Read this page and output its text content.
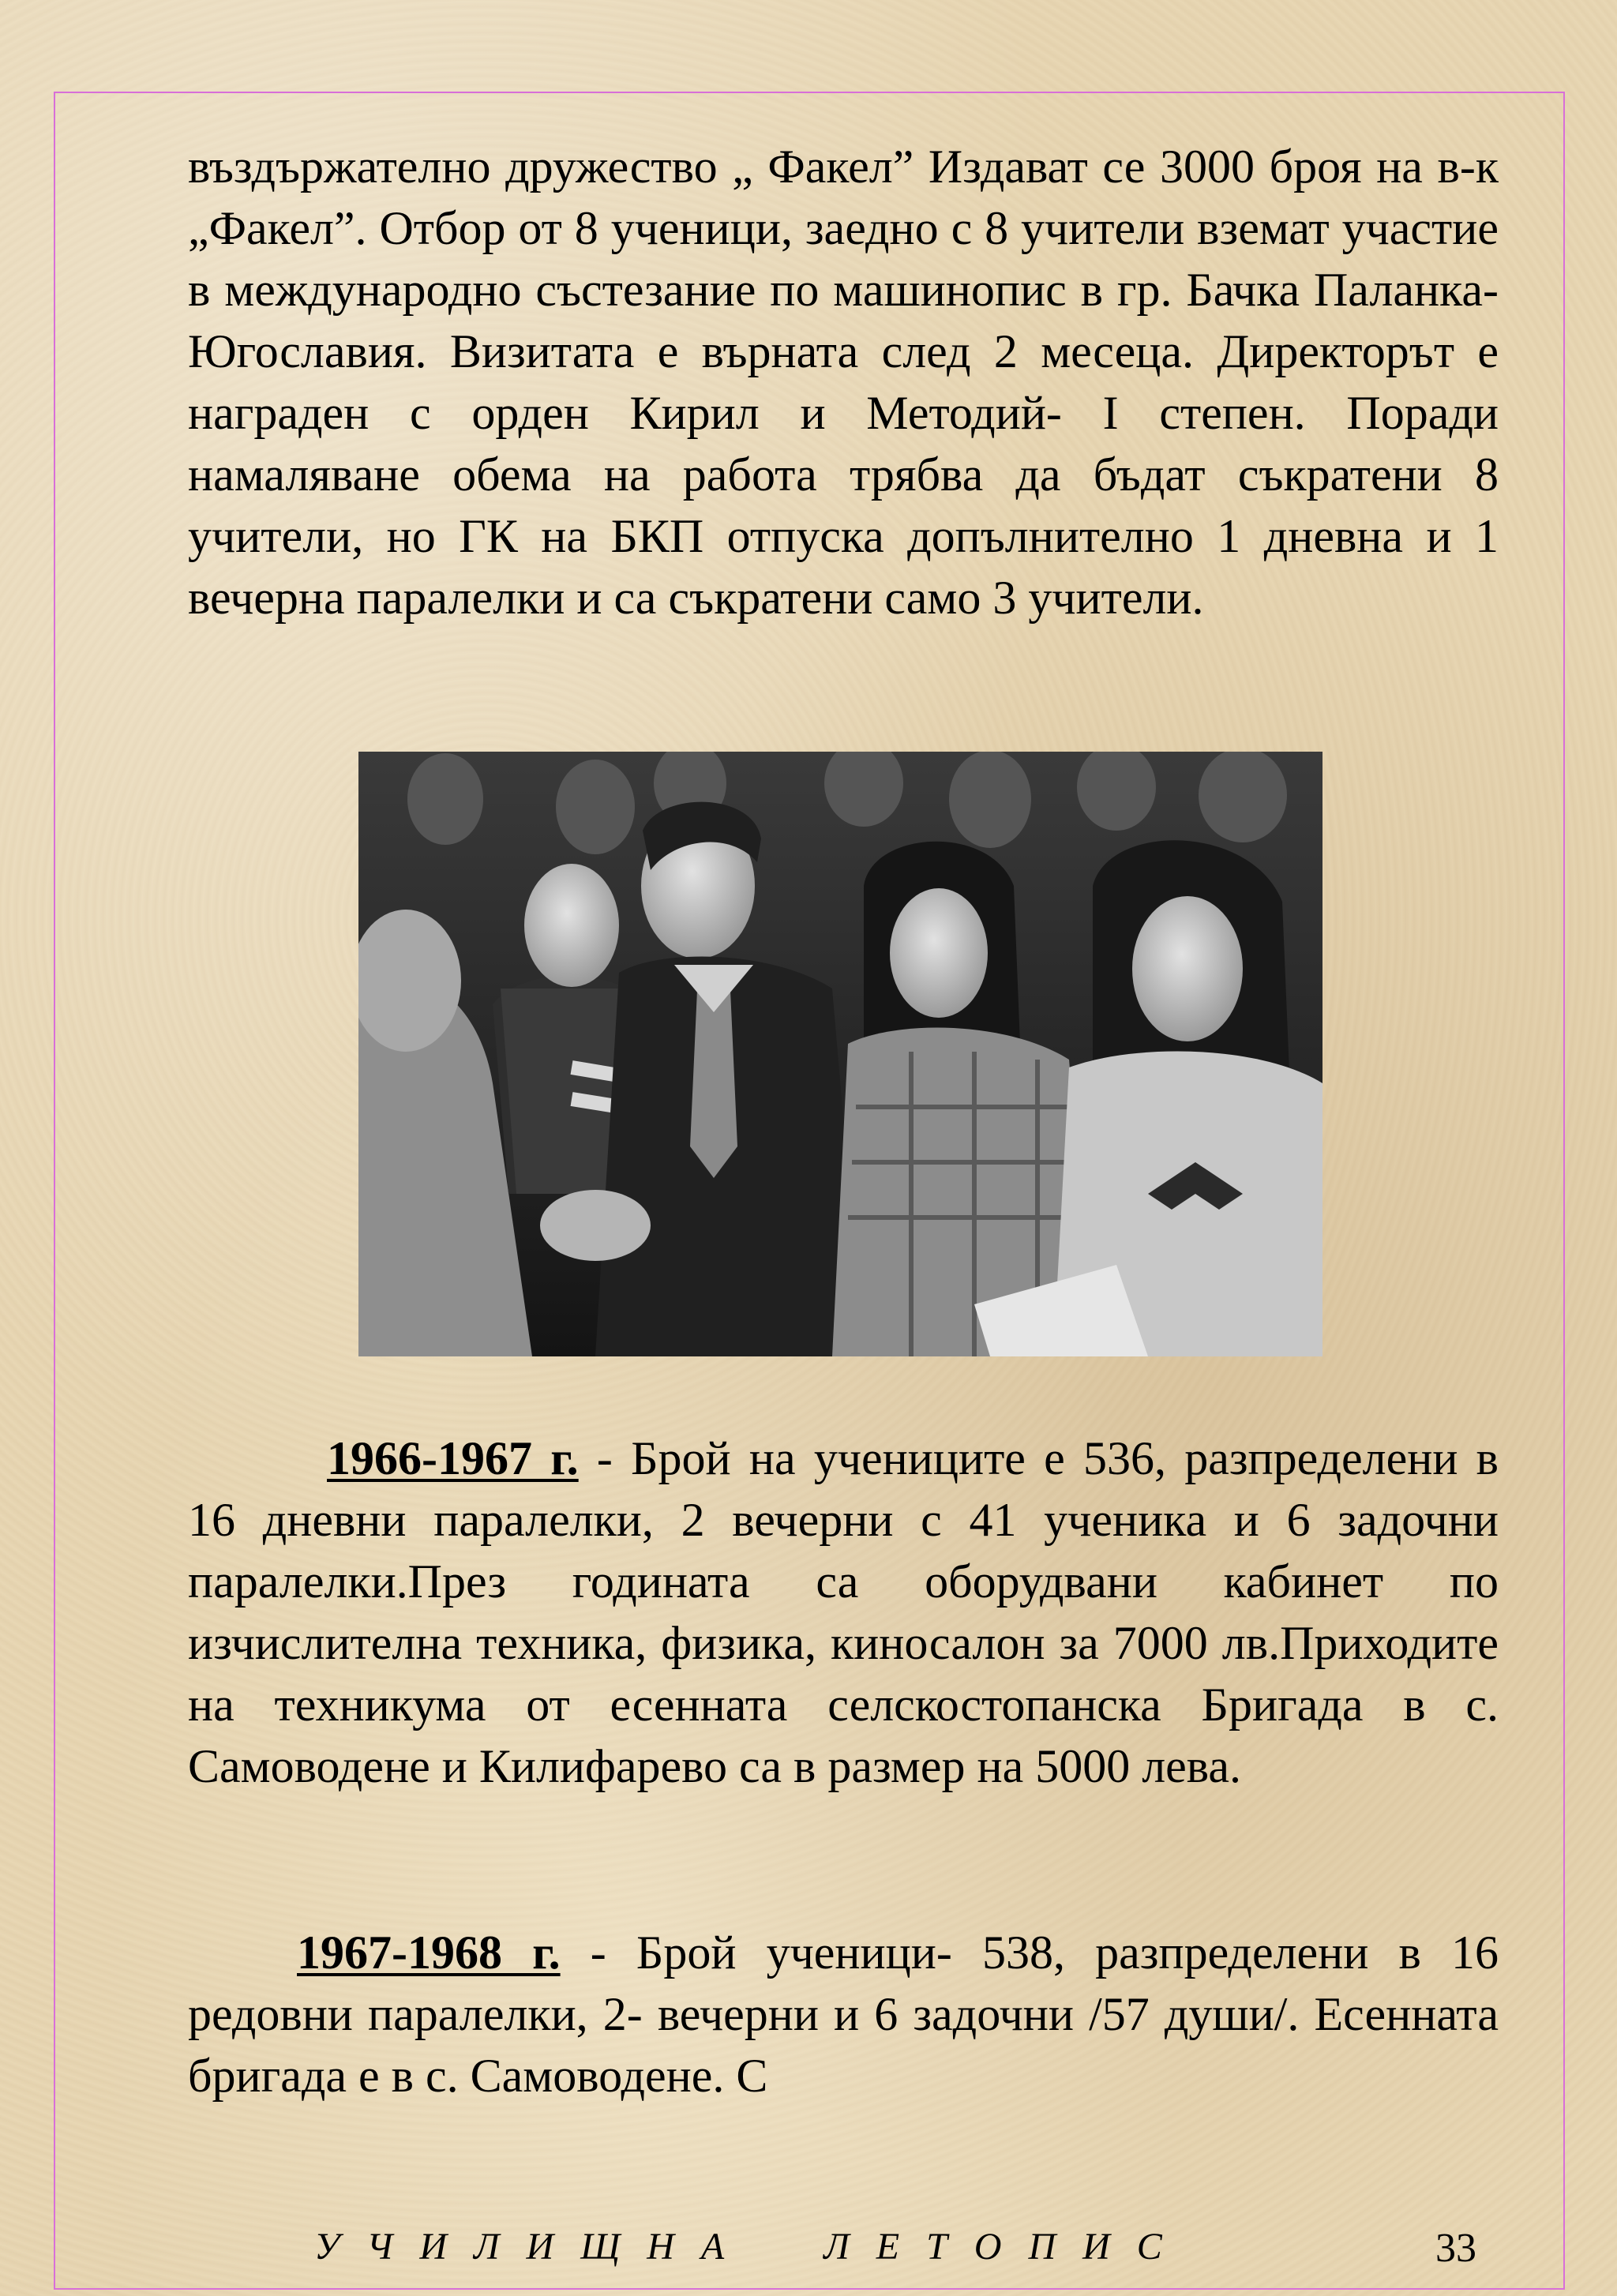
въздържателно дружество „ Факел” Издават се 3000 броя на в-к „Факел”. Отбор от 8 ученици, заедно с 8 учители вземат участие в международно състезание по машинопис в гр. Бачка Паланка- Югославия. Визитата е върната след 2 месеца. Директорът е награден с орден Кирил и Методий- I степен. Поради намаляване обема на работа трябва да бъдат съкратени 8 учители, но ГК на БКП отпуска допълнително 1 дневна и 1 вечерна паралелки и са съкратени само 3 учители.

1966-1967 г. - Брой на учениците е 536, разпределени в 16 дневни паралелки, 2 вечерни с 41 ученика и 6 задочни паралелки.През годината са оборудвани кабинет по изчислителна техника, физика, киносалон за 7000 лв.Приходите на техникума от есенната селскостопанска Бригада в с. Самоводене и Килифарево са в размер на 5000 лева.

1967-1968 г. - Брой ученици- 538, разпределени в 16 редовни паралелки, 2- вечерни и 6 задочни /57 души/. Есенната бригада е в с. Самоводене. С

УЧИЛИЩНА  ЛЕТОПИС	33
